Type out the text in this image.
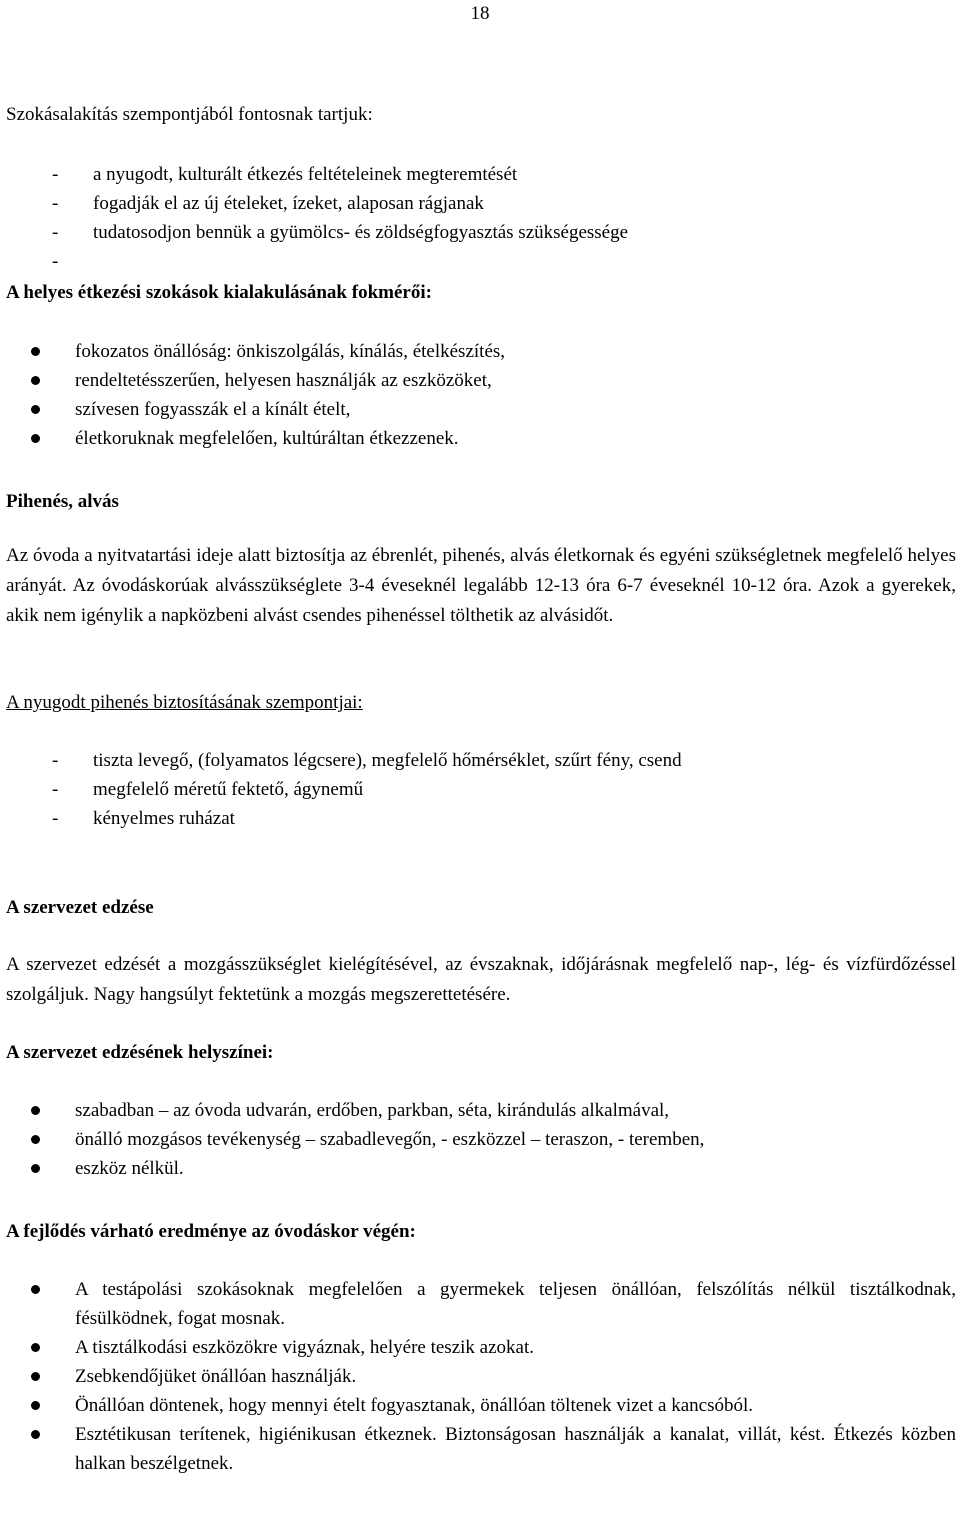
18
Szokásalakítás szempontjából fontosnak tartjuk:
- a nyugodt, kulturált étkezés feltételeinek megteremtését
- fogadják el az új ételeket, ízeket, alaposan rágjanak
- tudatosodjon bennük a gyümölcs- és zöldségfogyasztás szükségessége
-

A helyes étkezési szokások kialakulásának fokmérői:
fokozatos önállóság: önkiszolgálás, kínálás, ételkészítés,
rendeltetésszerűen, helyesen használják az eszközöket,
szívesen fogyasszák el a kínált ételt,
életkoruknak megfelelően, kultúráltan étkezzenek.
Pihenés, alvás
Az óvoda a nyitvatartási ideje alatt biztosítja az ébrenlét, pihenés, alvás életkornak és egyéni szükségletnek megfelelő helyes arányát. Az óvodáskorúak alvásszükséglete 3-4 éveseknél legalább 12-13 óra 6-7 éveseknél 10-12 óra. Azok a gyerekek, akik nem igénylik a napközbeni alvást csendes pihenéssel tölthetik az alvásidőt.
A nyugodt pihenés biztosításának szempontjai:
- tiszta levegő, (folyamatos légcsere), megfelelő hőmérséklet, szűrt fény, csend
- megfelelő méretű fektető, ágynemű
- kényelmes ruházat
A szervezet edzése
A szervezet edzését a mozgásszükséglet kielégítésével, az évszaknak, időjárásnak megfelelő nap-, lég- és vízfürdőzéssel szolgáljuk. Nagy hangsúlyt fektetünk a mozgás megszerettetésére.
A szervezet edzésének helyszínei:
szabadban – az óvoda udvarán, erdőben, parkban, séta, kirándulás alkalmával,
önálló mozgásos tevékenység – szabadlevegőn, - eszközzel – teraszon, - teremben,
eszköz nélkül.
A fejlődés várható eredménye az óvodáskor végén:
A testápolási szokásoknak megfelelően a gyermekek teljesen önállóan, felszólítás nélkül tisztálkodnak, fésülködnek, fogat mosnak.
A tisztálkodási eszközökre vigyáznak, helyére teszik azokat.
Zsebkendőjüket önállóan használják.
Önállóan döntenek, hogy mennyi ételt fogyasztanak, önállóan töltenek vizet a kancsóból.
Esztétikusan terítenek, higiénikusan étkeznek. Biztonságosan használják a kanalat, villát, kést. Étkezés közben halkan beszélgetnek.
